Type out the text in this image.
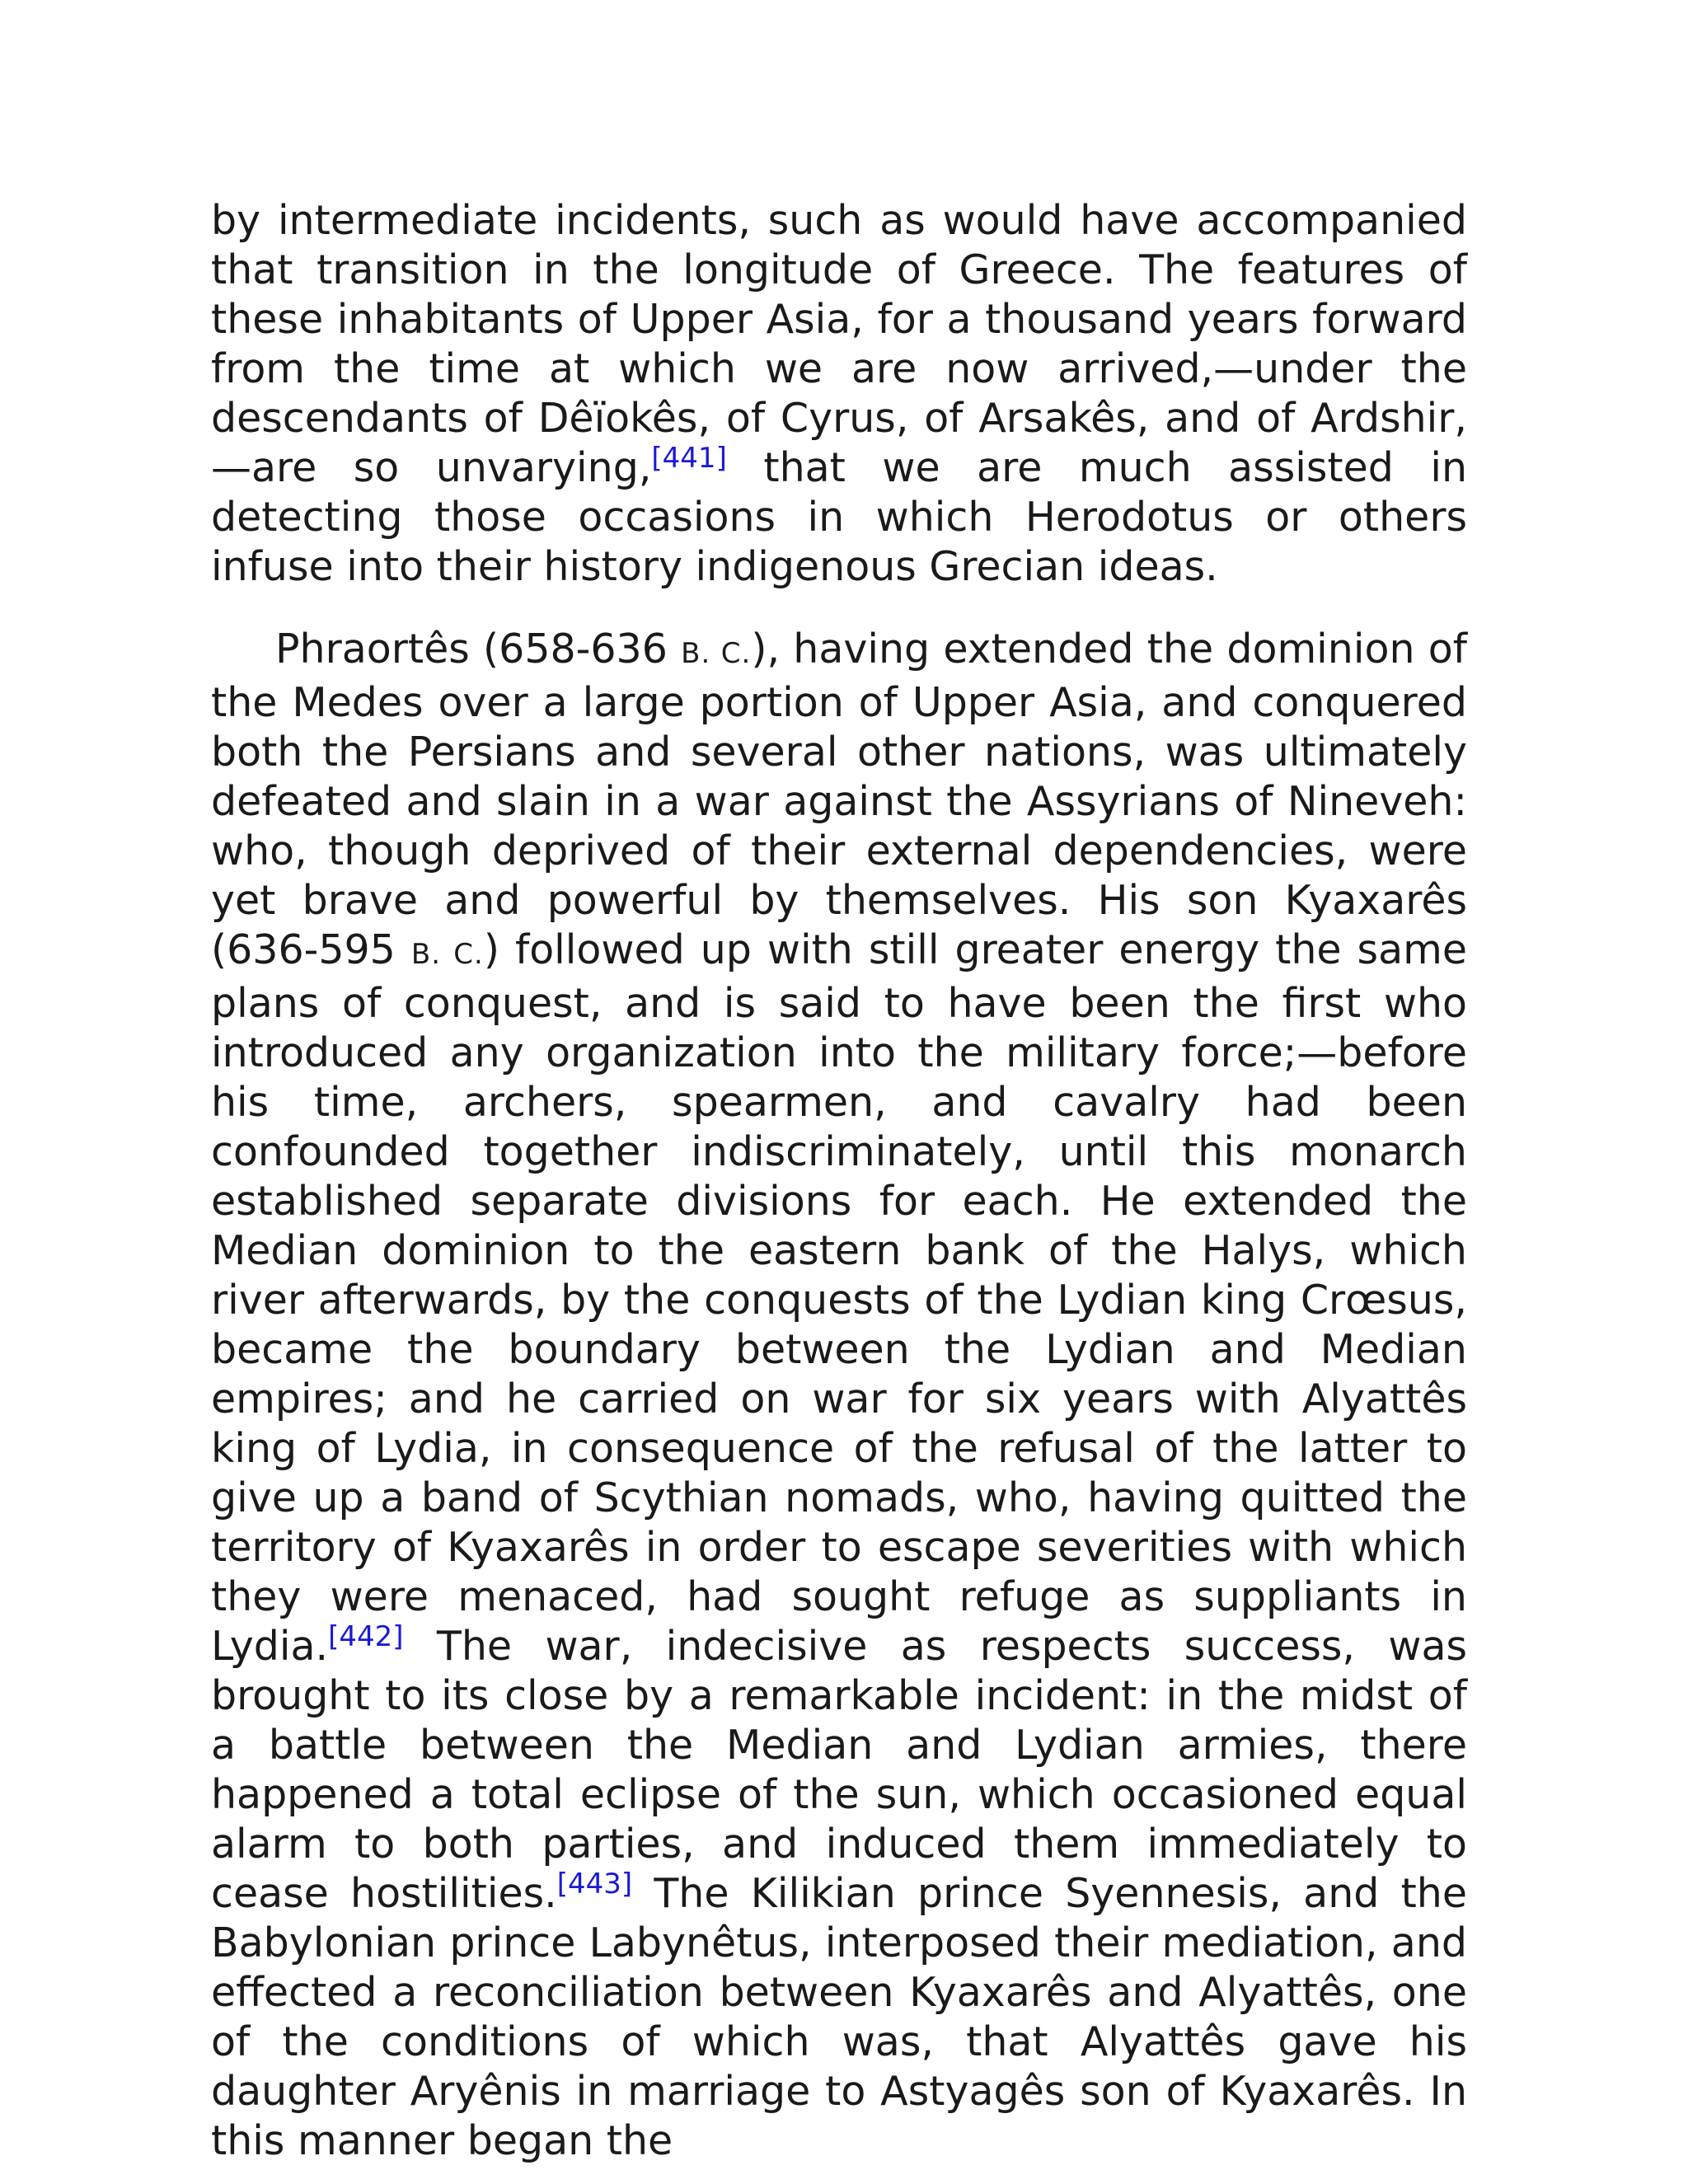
by intermediate incidents, such as would have accompanied that transition in the longitude of Greece. The features of these inhabitants of Upper Asia, for a thousand years forward from the time at which we are now arrived,—under the descendants of Dêïokês, of Cyrus, of Arsakês, and of Ardshir,—are so unvarying,[441] that we are much assisted in detecting those occasions in which Herodotus or others infuse into their history indigenous Grecian ideas.

Phraortês (658-636 B. C.), having extended the dominion of the Medes over a large portion of Upper Asia, and conquered both the Persians and several other nations, was ultimately defeated and slain in a war against the Assyrians of Nineveh: who, though deprived of their external dependencies, were yet brave and powerful by themselves. His son Kyaxarês (636-595 B. C.) followed up with still greater energy the same plans of conquest, and is said to have been the first who introduced any organization into the military force;—before his time, archers, spearmen, and cavalry had been confounded together indiscriminately, until this monarch established separate divisions for each. He extended the Median dominion to the eastern bank of the Halys, which river afterwards, by the conquests of the Lydian king Crœsus, became the boundary between the Lydian and Median empires; and he carried on war for six years with Alyattês king of Lydia, in consequence of the refusal of the latter to give up a band of Scythian nomads, who, having quitted the territory of Kyaxarês in order to escape severities with which they were menaced, had sought refuge as suppliants in Lydia.[442] The war, indecisive as respects success, was brought to its close by a remarkable incident: in the midst of a battle between the Median and Lydian armies, there happened a total eclipse of the sun, which occasioned equal alarm to both parties, and induced them immediately to cease hostilities.[443] The Kilikian prince Syennesis, and the Babylonian prince Labynêtus, interposed their mediation, and effected a reconciliation between Kyaxarês and Alyattês, one of the conditions of which was, that Alyattês gave his daughter Aryênis in marriage to Astyagês son of Kyaxarês. In this manner began the
